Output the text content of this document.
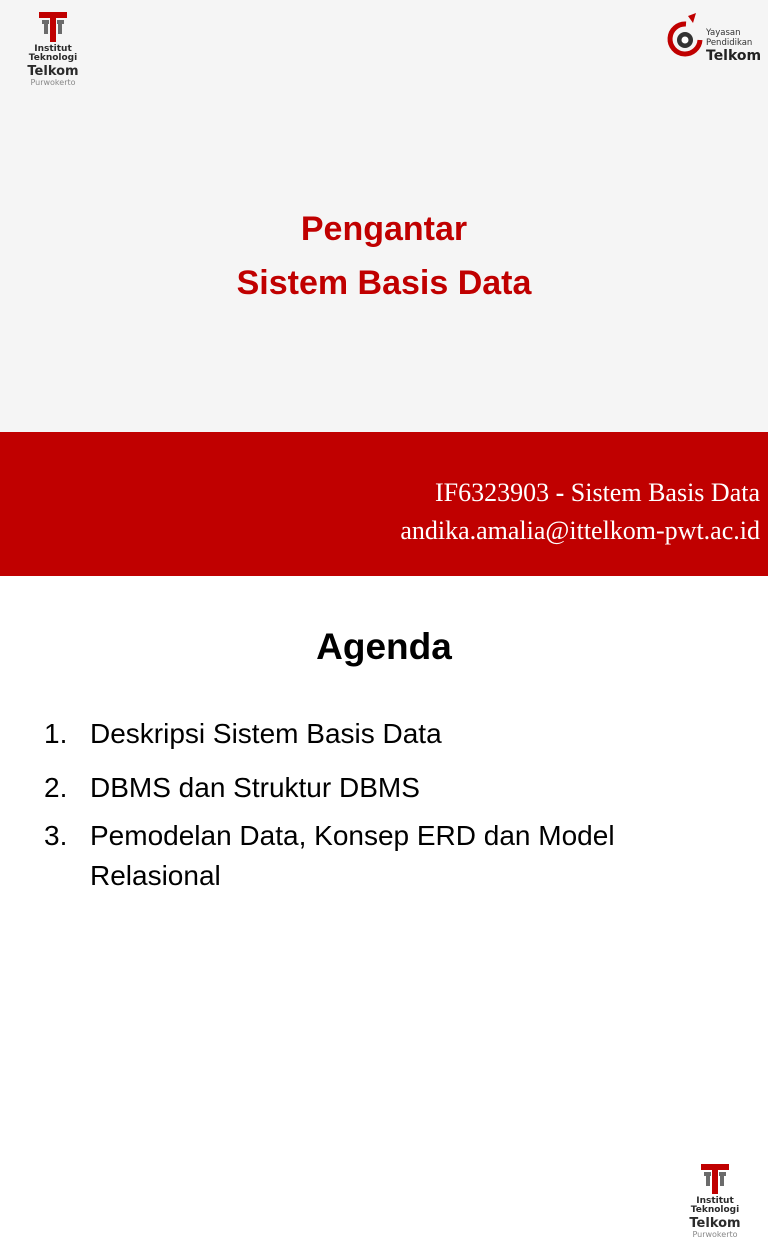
Institut Teknologi
Telkom
Purwokerto
Yayasan
Pendidikan
Telkom
Pengantar
Sistem Basis Data
IF6323903 - Sistem Basis Data
andika.amalia@ittelkom-pwt.ac.id
Institut Teknologi
Telkom
Purwokerto
Agenda
1. Deskripsi Sistem Basis Data
2. DBMS dan Struktur DBMS
3. Pemodelan Data, Konsep ERD dan Model Relasional
